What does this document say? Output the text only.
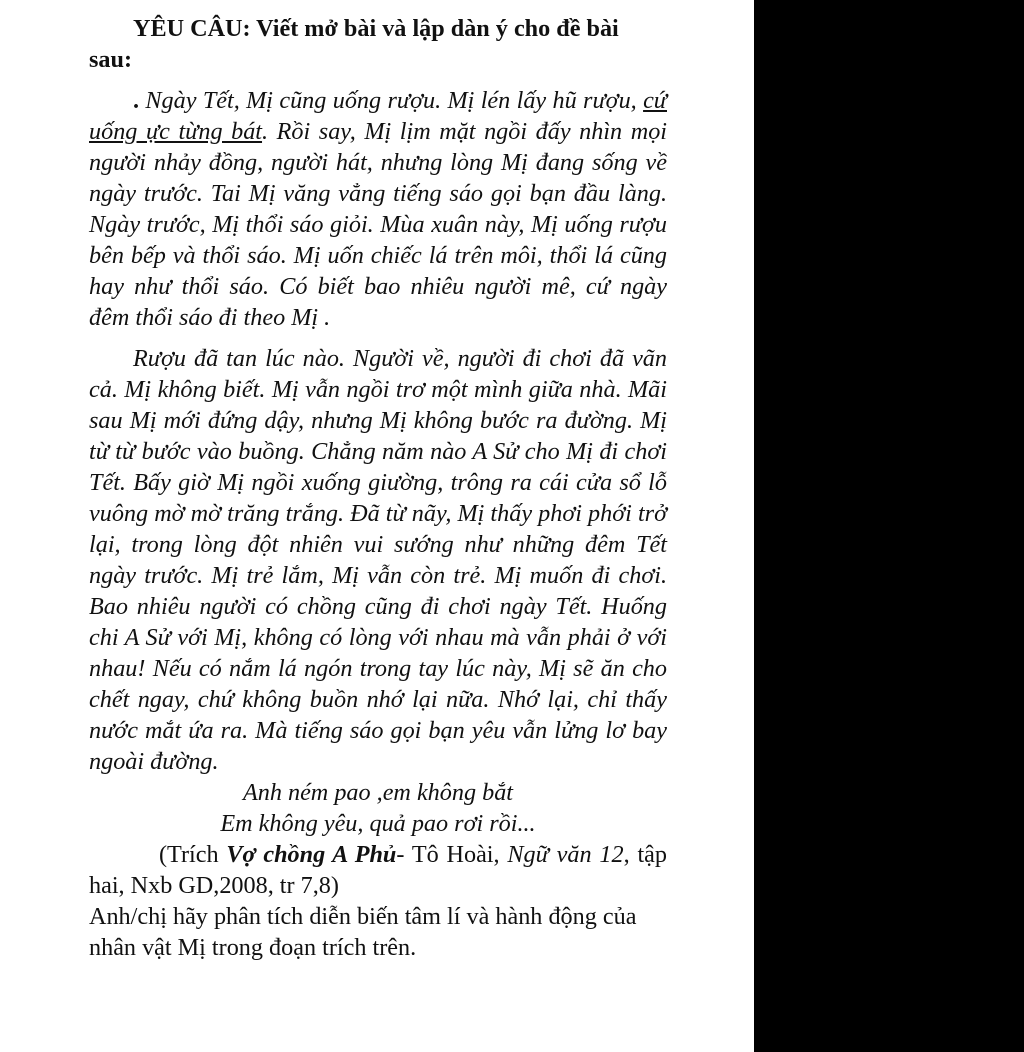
YÊU CÂU: Viết mở bài và lập dàn ý cho đề bài sau:

. Ngày Tết, Mị cũng uống rượu. Mị lén lấy hũ rượu, cứ uống ực từng bát. Rồi say, Mị lịm mặt ngồi đấy nhìn mọi người nhảy đồng, người hát, nhưng lòng Mị đang sống về ngày trước. Tai Mị văng vẳng tiếng sáo gọi bạn đầu làng. Ngày trước, Mị thổi sáo giỏi. Mùa xuân này, Mị uống rượu bên bếp và thổi sáo. Mị uốn chiếc lá trên môi, thổi lá cũng hay như thổi sáo. Có biết bao nhiêu người mê, cứ ngày đêm thổi sáo đi theo Mị .

Rượu đã tan lúc nào. Người về, người đi chơi đã vãn cả. Mị không biết. Mị vẫn ngồi trơ một mình giữa nhà. Mãi sau Mị mới đứng dậy, nhưng Mị không bước ra đường. Mị từ từ bước vào buồng. Chẳng năm nào A Sử cho Mị đi chơi Tết. Bấy giờ Mị ngồi xuống giường, trông ra cái cửa sổ lỗ vuông mờ mờ trăng trắng. Đã từ nãy, Mị thấy phơi phới trở lại, trong lòng đột nhiên vui sướng như những đêm Tết ngày trước. Mị trẻ lắm, Mị vẫn còn trẻ. Mị muốn đi chơi. Bao nhiêu người có chồng cũng đi chơi ngày Tết. Huống chi A Sử với Mị, không có lòng với nhau mà vẫn phải ở với nhau! Nếu có nắm lá ngón trong tay lúc này, Mị sẽ ăn cho chết ngay, chứ không buồn nhớ lại nữa. Nhớ lại, chỉ thấy nước mắt ứa ra. Mà tiếng sáo gọi bạn yêu vẫn lửng lơ bay ngoài đường.

Anh ném pao ,em không bắt
Em không yêu, quả pao rơi rồi...

(Trích Vợ chồng A Phủ- Tô Hoài, Ngữ văn 12, tập hai, Nxb GD,2008, tr 7,8)

Anh/chị hãy phân tích diễn biến tâm lí và hành động của nhân vật Mị trong đoạn trích trên.
